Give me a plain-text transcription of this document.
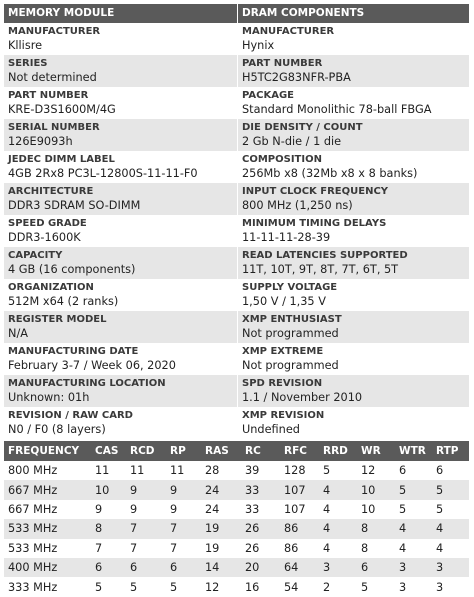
MEMORY MODULE
MANUFACTURER
Kllisre
SERIES
Not determined
PART NUMBER
KRE-D3S1600M/4G
SERIAL NUMBER
126E9093h
JEDEC DIMM LABEL
4GB 2Rx8 PC3L-12800S-11-11-F0
ARCHITECTURE
DDR3 SDRAM SO-DIMM
SPEED GRADE
DDR3-1600K
CAPACITY
4 GB (16 components)
ORGANIZATION
512M x64 (2 ranks)
REGISTER MODEL
N/A
MANUFACTURING DATE
February 3-7 / Week 06, 2020
MANUFACTURING LOCATION
Unknown: 01h
REVISION / RAW CARD
N0 / F0 (8 layers)
DRAM COMPONENTS
MANUFACTURER
Hynix
PART NUMBER
H5TC2G83NFR-PBA
PACKAGE
Standard Monolithic 78-ball FBGA
DIE DENSITY / COUNT
2 Gb N-die / 1 die
COMPOSITION
256Mb x8 (32Mb x8 x 8 banks)
INPUT CLOCK FREQUENCY
800 MHz (1,250 ns)
MINIMUM TIMING DELAYS
11-11-11-28-39
READ LATENCIES SUPPORTED
11T, 10T, 9T, 8T, 7T, 6T, 5T
SUPPLY VOLTAGE
1,50 V / 1,35 V
XMP ENTHUSIAST
Not programmed
XMP EXTREME
Not programmed
SPD REVISION
1.1 / November 2010
XMP REVISION
Undefined
FREQUENCY	CAS	RCD	RP	RAS	RC	RFC	RRD	WR	WTR RTP
800 MHz	11	11	11	28	39	128	5	12	6	6
667 MHz	10	9	9	24	33	107	4	10	5	5
667 MHz	9	9	9	24	33	107	4	10	5	5
533 MHz	8	7	7	19	26	86	4	8	4	4
533 MHz	7	7	7	19	26	86	4	8	4	4
400 MHz	6	6	6	14	20	64	3	6	3	3
333 MHz	5	5	5	12	16	54	2	5	3	3
